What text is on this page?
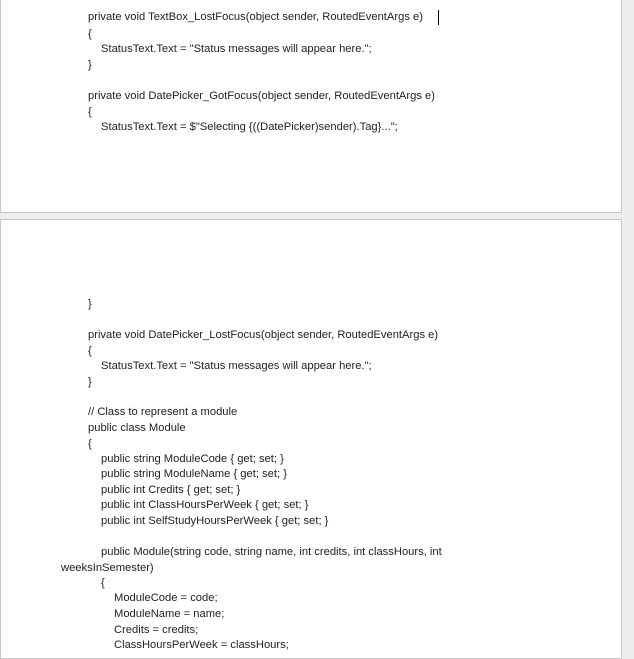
private void TextBox_LostFocus(object sender, RoutedEventArgs e)
{
StatusText.Text = "Status messages will appear here.";
}
private void DatePicker_GotFocus(object sender, RoutedEventArgs e)
{
StatusText.Text = $"Selecting {((DatePicker)sender).Tag}...";
}
private void DatePicker_LostFocus(object sender, RoutedEventArgs e)
{
StatusText.Text = "Status messages will appear here.";
}
// Class to represent a module
public class Module
{
public string ModuleCode { get; set; }
public string ModuleName { get; set; }
public int Credits { get; set; }
public int ClassHoursPerWeek { get; set; }
public int SelfStudyHoursPerWeek { get; set; }
public Module(string code, string name, int credits, int classHours, int
weeksInSemester)
{
ModuleCode = code;
ModuleName = name;
Credits = credits;
ClassHoursPerWeek = classHours;
